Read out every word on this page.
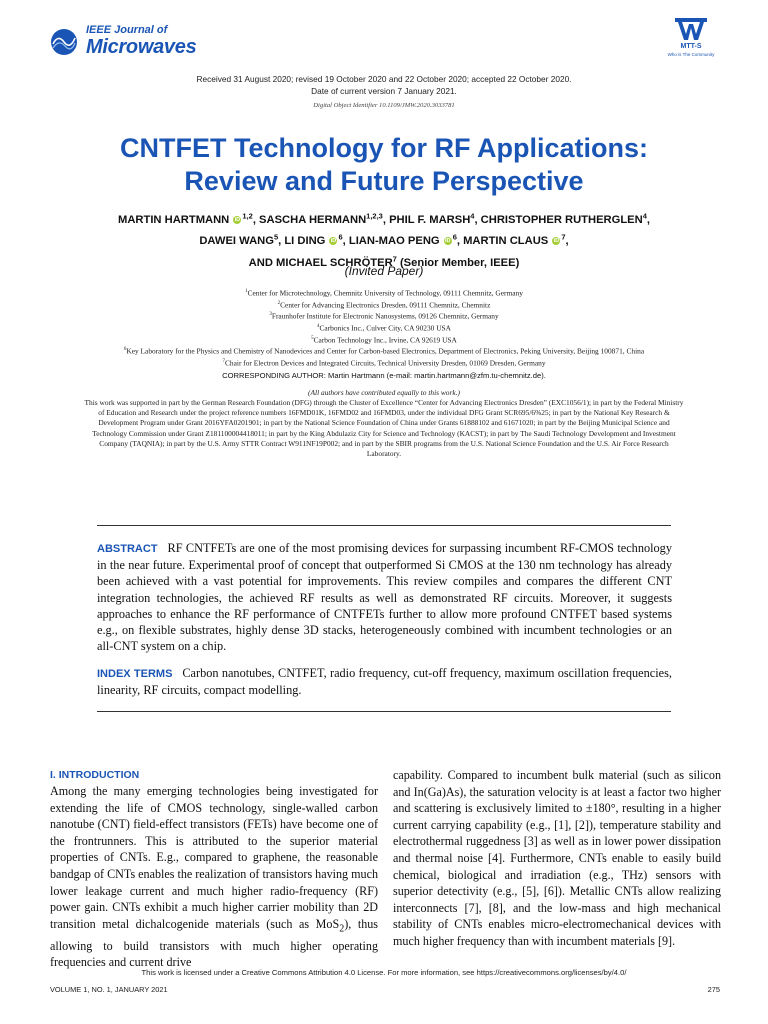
IEEE Journal of
Microwaves	MTT-S
Who is The Community
Received 31 August 2020; revised 19 October 2020 and 22 October 2020; accepted 22 October 2020.
Date of current version 7 January 2021.
Digital Object Identifier 10.1109/JMW.2020.3033781
CNTFET Technology for RF Applications:
Review and Future Perspective
MARTIN HARTMANN iD $^{1,2}$, SASCHA HERMANN$^{1,2,3}$, PHIL F. MARSH$^4$, CHRISTOPHER RUTHERGLEN$^4$,
DAWEI WANG$^5$, LI DING iD $^6$, LIAN-MAO PENG iD $^6$, MARTIN CLAUS iD $^7$,
AND MICHAEL SCHRÖTER$^7$ (Senior Member, IEEE)
(Invited Paper)
$^1$Center for Microtechnology, Chemnitz University of Technology, 09111 Chemnitz, Germany
$^2$Center for Advancing Electronics Dresden, 09111 Chemnitz, Chemnitz
$^3$Fraunhofer Institute for Electronic Nanosystems, 09126 Chemnitz, Germany
$^4$Carbonics Inc., Culver City, CA 90230 USA
$^5$Carbon Technology Inc., Irvine, CA 92619 USA
$^6$Key Laboratory for the Physics and Chemistry of Nanodevices and Center for Carbon-based Electronics, Department of Electronics, Peking University, Beijing 100871, China
$^7$Chair for Electron Devices and Integrated Circuits, Technical University Dresden, 01069 Dresden, Germany
CORRESPONDING AUTHOR: Martin Hartmann (e-mail: martin.hartmann@zfm.tu-chemnitz.de).
(All authors have contributed equally to this work.)
This work was supported in part by the German Research Foundation (DFG) through the Cluster of Excellence “Center for Advancing Electronics Dresden” (EXC1056/1); in part by the Federal Ministry of Education and Research under the project reference numbers 16FMD01K, 16FMD02 and 16FMD03, under the individual DFG Grant SCR695/6%25; in part by the National Key Research & Development Program under Grant 2016YFA0201901; in part by the National Science Foundation of China under Grants 61888102 and 61671020; in part by the Beijing Municipal Science and Technology Commission under Grant Z181100004418011; in part by the King Abdulaziz City for Science and Technology (KACST); in part by The Saudi Technology Development and Investment Company (TAQNIA); in part by the U.S. Army STTR Contract W911NF19P002; and in part by the SBIR programs from the U.S. National Science Foundation and the U.S. Air Force Research Laboratory.
ABSTRACT RF CNTFETs are one of the most promising devices for surpassing incumbent RF-CMOS technology in the near future. Experimental proof of concept that outperformed Si CMOS at the 130 nm technology has already been achieved with a vast potential for improvements. This review compiles and compares the different CNT integration technologies, the achieved RF results as well as demonstrated RF circuits. Moreover, it suggests approaches to enhance the RF performance of CNTFETs further to allow more profound CNTFET based systems e.g., on flexible substrates, highly dense 3D stacks, heterogeneously combined with incumbent technologies or an all-CNT system on a chip.
INDEX TERMS Carbon nanotubes, CNTFET, radio frequency, cut-off frequency, maximum oscillation frequencies, linearity, RF circuits, compact modelling.
I. INTRODUCTION
Among the many emerging technologies being investigated for extending the life of CMOS technology, single-walled carbon nanotube (CNT) field-effect transistors (FETs) have become one of the frontrunners. This is attributed to the superior material properties of CNTs. E.g., compared to graphene, the reasonable bandgap of CNTs enables the realization of transistors having much lower leakage current and much higher radio-frequency (RF) power gain. CNTs exhibit a much higher carrier mobility than 2D transition metal dichalcogenide materials (such as MoS$_2$), thus allowing to build transistors with much higher operating frequencies and current drive
capability. Compared to incumbent bulk material (such as silicon and In(Ga)As), the saturation velocity is at least a factor two higher and scattering is exclusively limited to ±180°, resulting in a higher current carrying capability (e.g., [1], [2]), temperature stability and electrothermal ruggedness [3] as well as in lower power dissipation and thermal noise [4]. Furthermore, CNTs enable to easily build chemical, biological and irradiation (e.g., THz) sensors with superior detectivity (e.g., [5], [6]). Metallic CNTs allow realizing interconnects [7], [8], and the low-mass and high mechanical stability of CNTs enables micro-electromechanical devices with much higher frequency than with incumbent materials [9].
This work is licensed under a Creative Commons Attribution 4.0 License. For more information, see https://creativecommons.org/licenses/by/4.0/
VOLUME 1, NO. 1, JANUARY 2021	275
